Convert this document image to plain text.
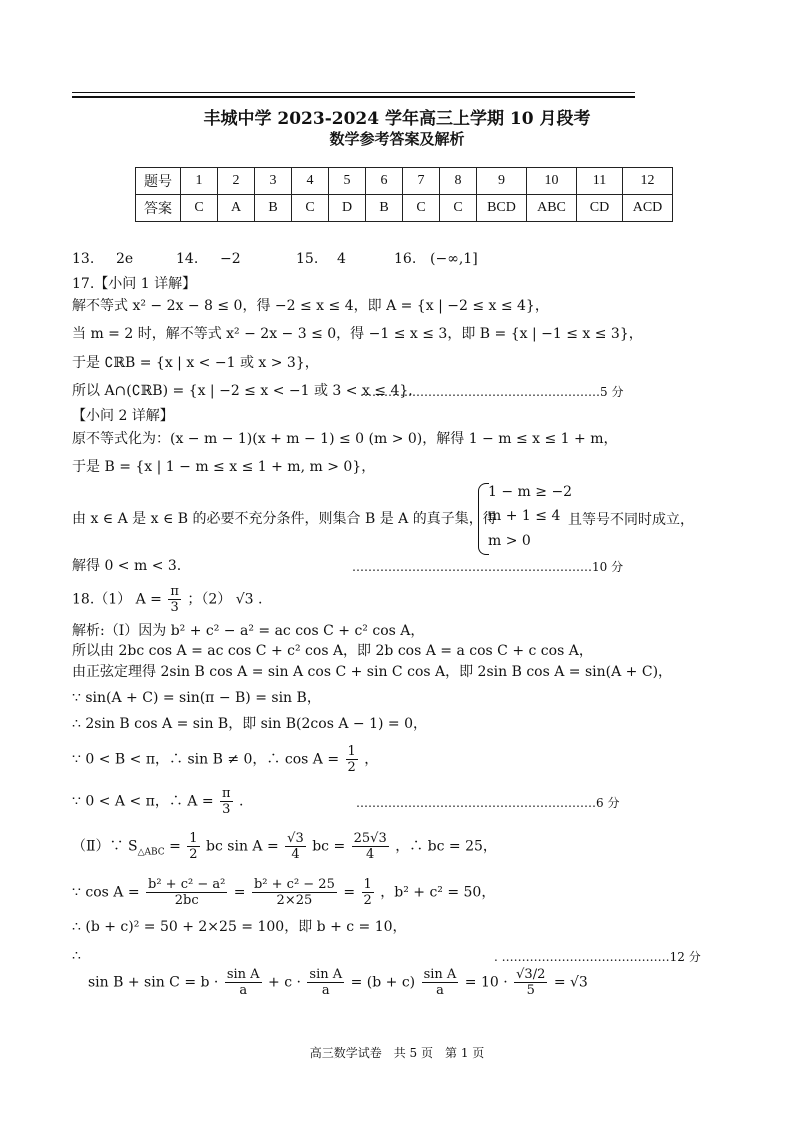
丰城中学 2023-2024 学年高三上学期 10 月段考
数学参考答案及解析
题号	1	2	3	4	5	6	7	8	9	10	11	12
答案	C	A	B	C	D	B	C	C	BCD	ABC	CD	ACD
13. 2e	14. −2	15. 4	16. (−∞,1]
17.【小问 1 详解】
解不等式 x² − 2x − 8 ≤ 0，得 −2 ≤ x ≤ 4，即 A = {x | −2 ≤ x ≤ 4}，
当 m = 2 时，解不等式 x² − 2x − 3 ≤ 0，得 −1 ≤ x ≤ 3，即 B = {x | −1 ≤ x ≤ 3}，
于是 ∁ℝB = {x | x < −1 或 x > 3}，
所以 A∩(∁ℝB) = {x | −2 ≤ x < −1 或 3 < x ≤ 4}.
……………………………………………………5 分
【小问 2 详解】
原不等式化为：(x − m − 1)(x + m − 1) ≤ 0 (m > 0)，解得 1 − m ≤ x ≤ 1 + m，
于是 B = {x | 1 − m ≤ x ≤ 1 + m, m > 0}，
由 x ∈ A 是 x ∈ B 的必要不充分条件，则集合 B 是 A 的真子集，得
1 − m ≥ −2
m + 1 ≤ 4
m > 0
且等号不同时成立，
解得 0 < m < 3.	……………………………………………………10 分
18.（1） $A = \frac{\pi}{3}$ ；（2） √3 .
解析:（Ⅰ）因为 b² + c² − a² = ac cos C + c² cos A，
所以由 2bc cos A = ac cos C + c² cos A，即 2b cos A = a cos C + c cos A，
由正弦定理得 2sin B cos A = sin A cos C + sin C cos A，即 2sin B cos A = sin(A + C)，
∵ sin(A + C) = sin(π − B) = sin B，
∴ 2sin B cos A = sin B，即 sin B(2cos A − 1) = 0，
∵ 0 < B < π，∴ sin B ≠ 0，∴ $\cos A = \frac{1}{2}$ ，
∵ 0 < A < π，∴ $A = \frac{\pi}{3}$ .	……………………………………………………6 分
（Ⅱ）∵ $S_{\triangle ABC} = \frac{1}{2}$ bc $\sin A = \frac{√3}{4}$ bc = $\frac{25√3}{4}$ ，∴ bc = 25，
∵ $\cos A = \frac{\text{b² + c² − a²}}{2bc} = \frac{\text{b² + c² − 25}}{2\times 25} = \frac{1}{2}$ ，b² + c² = 50，
∴ (b + c)² = 50 + 2×25 = 100，即 b + c = 10，
∴	. ……………………………………12 分
$\sin B + \sin C = b \cdot \frac{\text{sin A}}{a} + c \cdot \frac{\text{sin A}}{a} = (b + c) \frac{\text{sin A}}{a} = 10 \cdot \frac{√3/2}{5} = √3$
高三数学试卷　共 5 页　第 1 页
